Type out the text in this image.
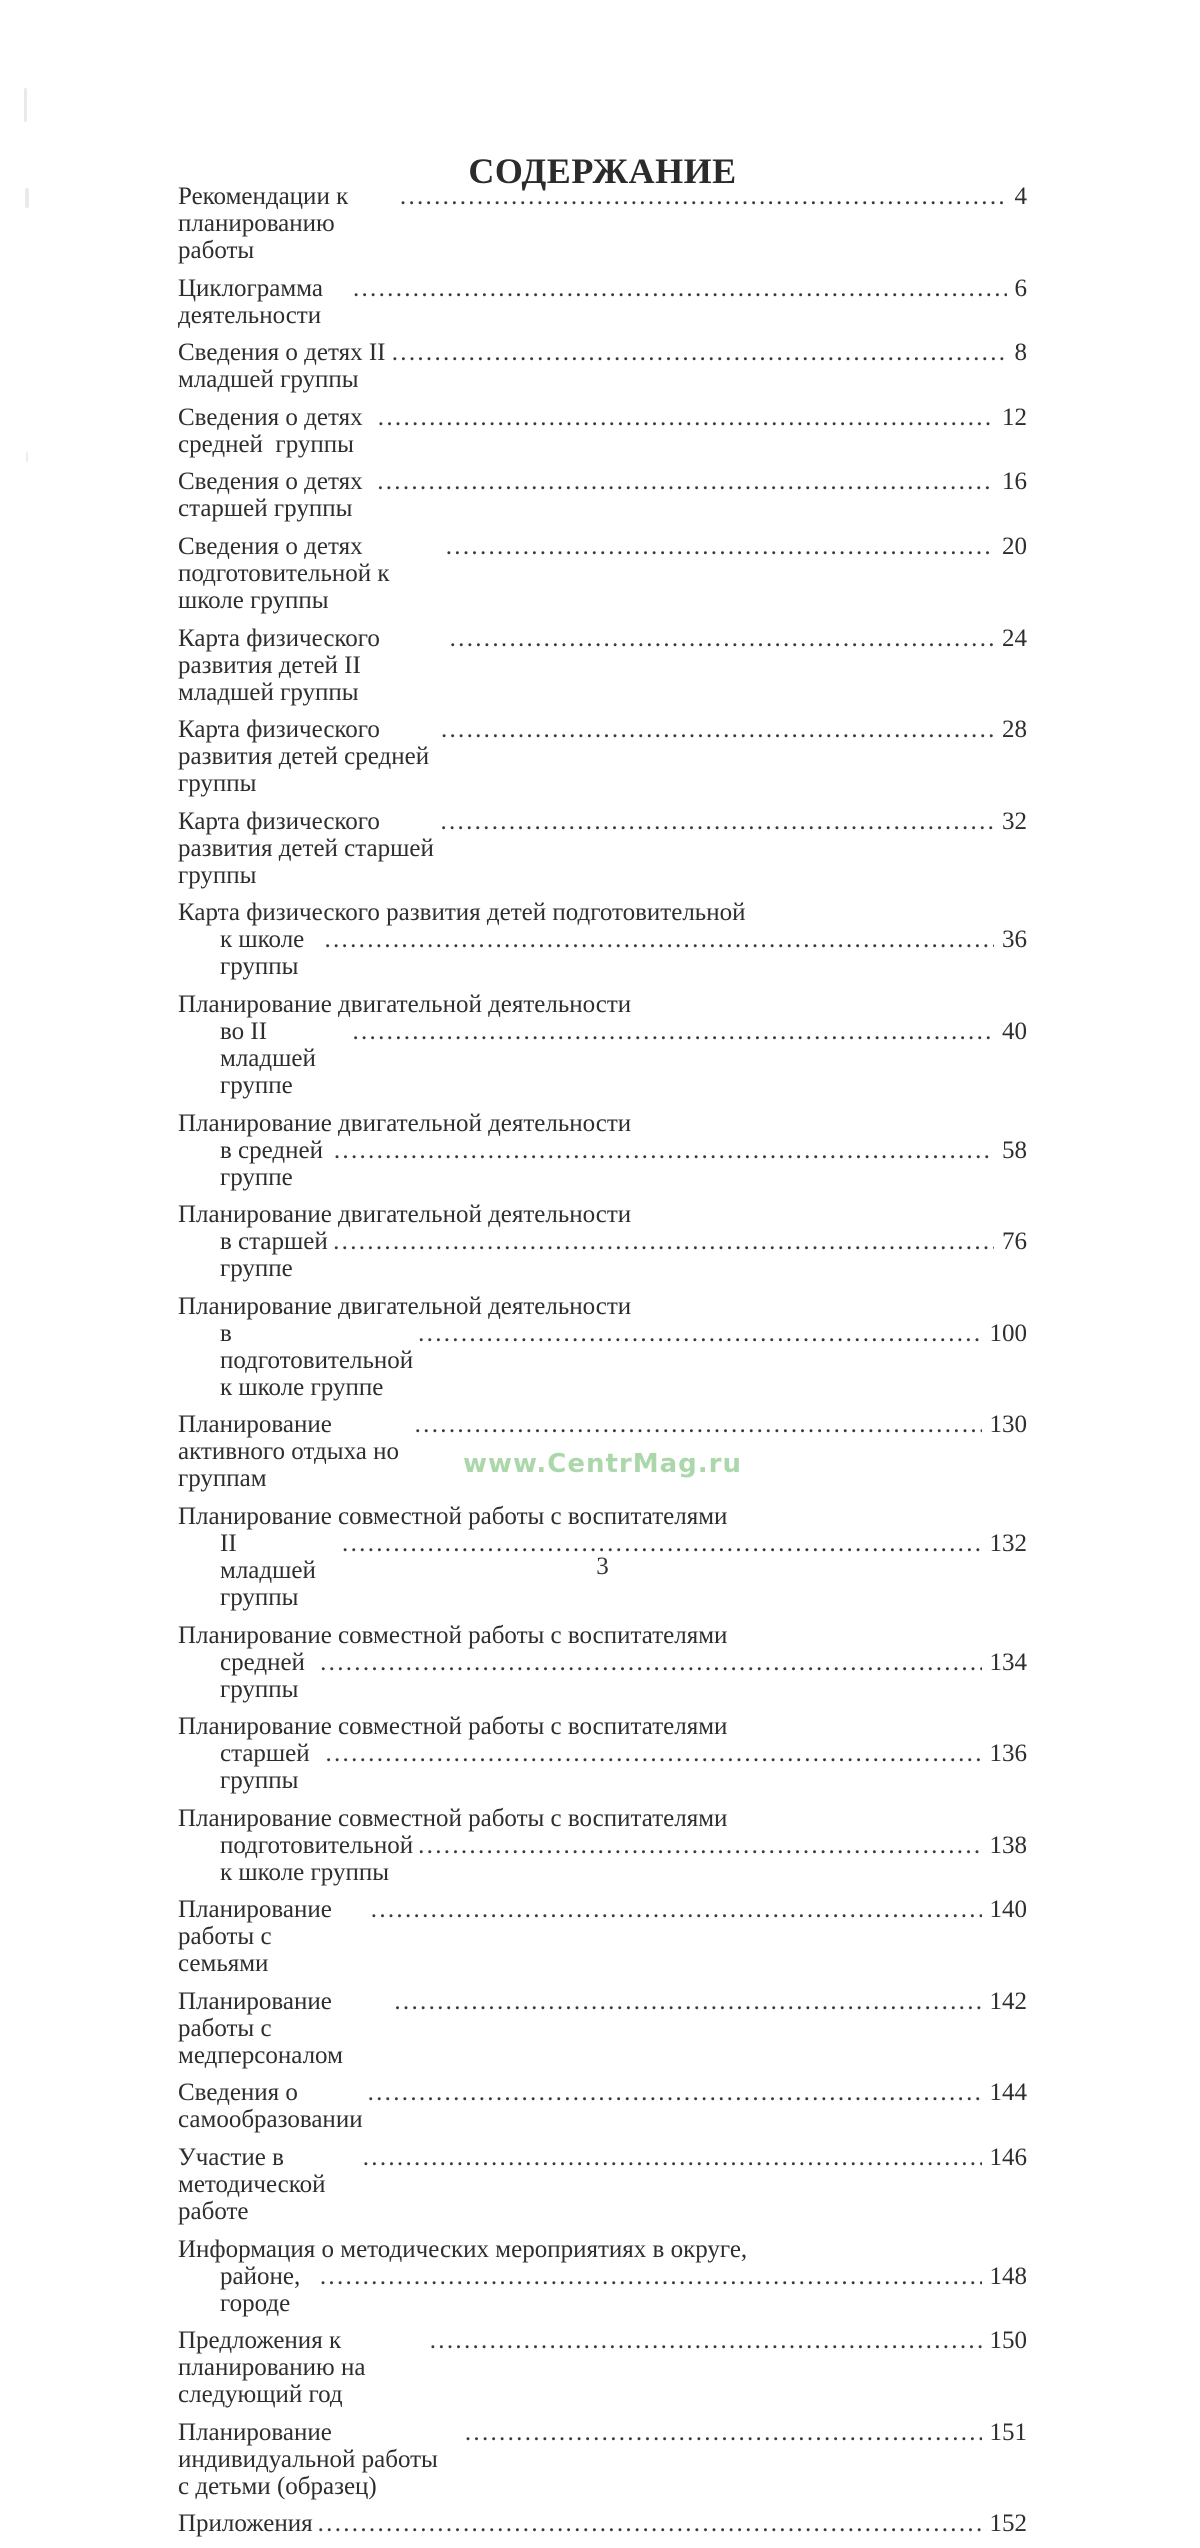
СОДЕРЖАНИЕ
Рекомендации к планированию работы
.....
4
Циклограмма деятельности
.....
6
Сведения о детях II младшей группы
.....
8
Сведения о детях средней  группы
.....
12
Сведения о детях старшей группы
.....
16
Сведения о детях подготовительной к школе группы
.....
20
Карта физического развития детей II младшей группы
.....
24
Карта физического развития детей средней группы
.....
28
Карта физического развития детей старшей группы
.....
32
Карта физического развития детей подготовительной
к школе группы
.....
36
Планирование двигательной деятельности
во II младшей группе
.....
40
Планирование двигательной деятельности
в средней группе
.....
58
Планирование двигательной деятельности
в старшей группе
.....
76
Планирование двигательной деятельности
в подготовительной к школе группе
.....
100
Планирование активного отдыха но группам
.....
130
Планирование совместной работы с воспитателями
II младшей группы
.....
132
Планирование совместной работы с воспитателями
средней группы
.....
134
Планирование совместной работы с воспитателями
старшей группы
.....
136
Планирование совместной работы с воспитателями
подготовительной к школе группы
.....
138
Планирование работы с семьями
.....
140
Планирование работы с медперсоналом
.....
142
Сведения о самообразовании
.....
144
Участие в методической работе
.....
146
Информация о методических мероприятиях в округе,
районе, городе
.....
148
Предложения к планированию на следующий год
.....
150
Планирование индивидуальной работы  с детьми (образец)
.....
151
Приложения .....	152
www.CentrMag.ru
3
